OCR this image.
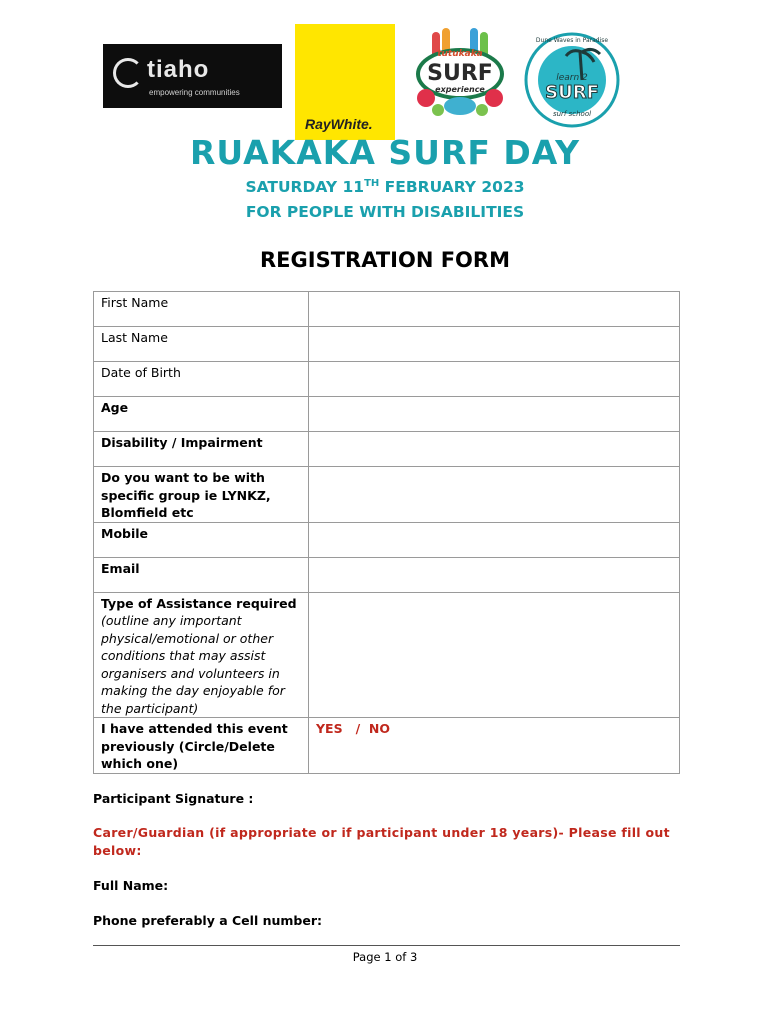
tiaho
empowering communities
RayWhite.
tutukaka
SURF
experience
learn 2
SURF
surf school
Dune Waves in Paradise
RUAKAKA SURF DAY
SATURDAY 11TH FEBRUARY 2023
FOR PEOPLE WITH DISABILITIES
REGISTRATION FORM
First Name	
Last Name	
Date of Birth	
Age	
Disability / Impairment	
Do you want to be with specific group ie LYNKZ, Blomfield etc	
Mobile	
Email	

Type of Assistance required
(outline any important physical/emotional or other conditions that may assist organisers and volunteers in making the day enjoyable for the participant)	

I have attended this event previously (Circle/Delete which one)	YES   /  NO
Participant Signature :
Carer/Guardian (if appropriate or if participant under 18 years)- Please fill out below:
Full Name:
Phone preferably a Cell number:
Page 1 of 3
